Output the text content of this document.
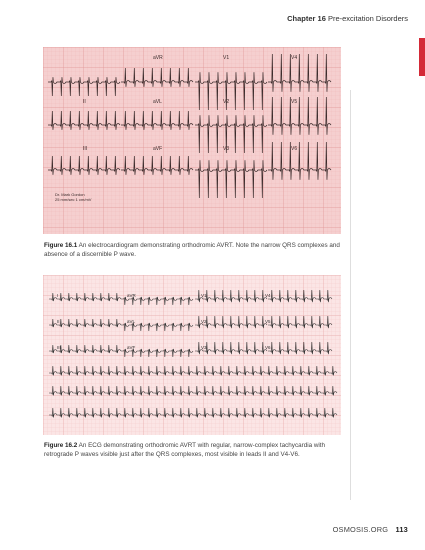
Chapter 16 Pre-excitation Disorders
aVR	V1	V4
II	aVL	V2	V5
III	aVF	V3	V6
Dr. Mark Gordon
25 mm/sec 1 cm/mV
Figure 16.1 An electrocardiogram demonstrating orthodromic AVRT. Note the narrow QRS complexes and absence of a discernible P wave.
I	aVR	V1	V4
II	aVL	V2	V5
III	aVF	V3	V6
Figure 16.2 An ECG demonstrating orthodromic AVRT with regular, narrow-complex tachycardia with retrograde P waves visible just after the QRS complexes, most visible in leads II and V4-V6.
OSMOSIS.ORG 113
